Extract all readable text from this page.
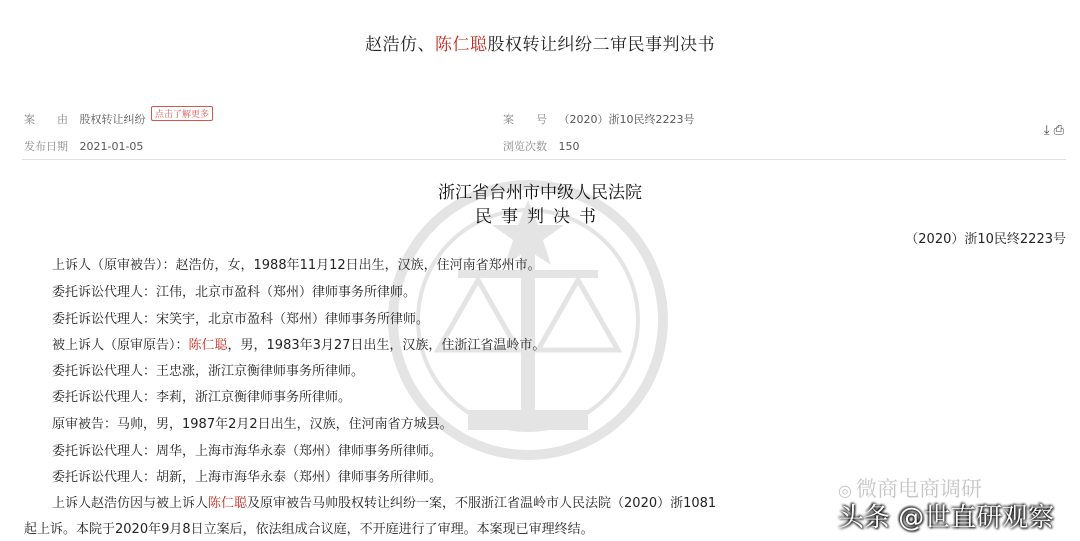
赵浩仿、陈仁聪股权转让纠纷二审民事判决书
案　　由 股权转让纠纷 点击了解更多	案　　号 （2020）浙10民终2223号
发布日期 2021-01-05	浏览次数 150
⤓ ⎙
浙江省台州市中级人民法院
民事判决书
（2020）浙10民终2223号
上诉人（原审被告）：赵浩仿，女，1988年11月12日出生，汉族，住河南省郑州市。
委托诉讼代理人：江伟，北京市盈科（郑州）律师事务所律师。
委托诉讼代理人：宋笑宇，北京市盈科（郑州）律师事务所律师。
被上诉人（原审原告）：陈仁聪，男，1983年3月27日出生，汉族，住浙江省温岭市。
委托诉讼代理人：王忠涨，浙江京衡律师事务所律师。
委托诉讼代理人：李莉，浙江京衡律师事务所律师。
原审被告：马帅，男，1987年2月2日出生，汉族，住河南省方城县。
委托诉讼代理人：周华，上海市海华永泰（郑州）律师事务所律师。
委托诉讼代理人：胡新，上海市海华永泰（郑州）律师事务所律师。
上诉人赵浩仿因与被上诉人陈仁聪及原审被告马帅股权转让纠纷一案，不服浙江省温岭市人民法院（2020）浙1081
起上诉。本院于2020年9月8日立案后，依法组成合议庭，不开庭进行了审理。本案现已审理终结。
◎ 微商电商调研
头条 @世直研观察
